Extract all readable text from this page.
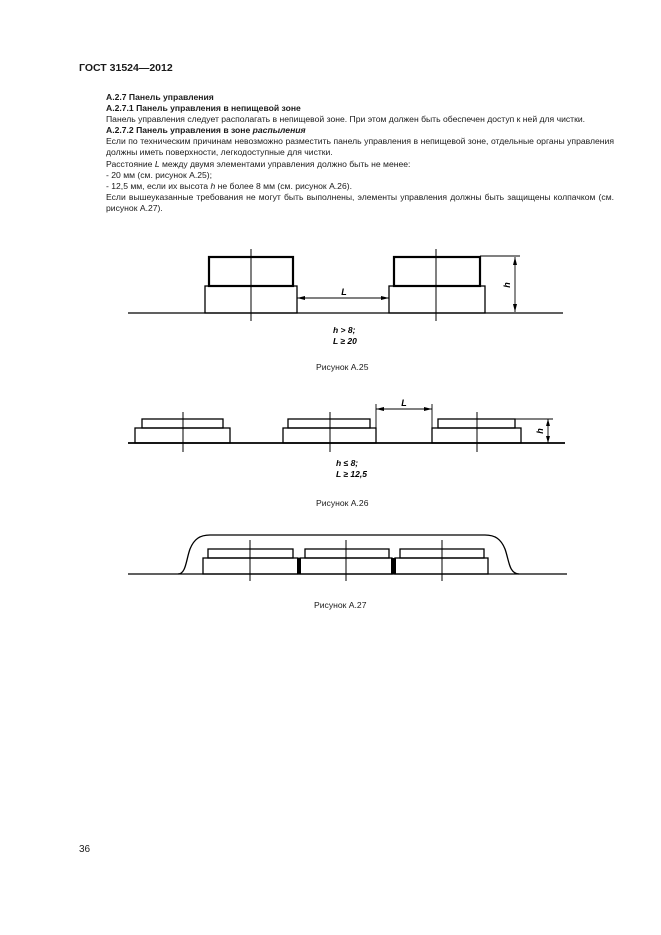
ГОСТ 31524—2012

А.2.7 Панель управления

А.2.7.1 Панель управления в непищевой зоне

Панель управления следует располагать в непищевой зоне. При этом должен быть обеспечен доступ к ней для чистки.

А.2.7.2 Панель управления в зоне распыления

Если по техническим причинам невозможно разместить панель управления в непищевой зоне, отдельные органы управления должны иметь поверхности, легкодоступные для чистки.

Расстояние L между двумя элементами управления должно быть не менее:

- 20 мм (см. рисунок А.25);

- 12,5 мм, если их высота h не более 8 мм (см. рисунок А.26).

Если вышеуказанные требования не могут быть выполнены, элементы управления должны быть защищены колпачком (см. рисунок А.27).

L
h
h > 8;
L ≥ 20
Рисунок А.25
L
h
h ≤ 8;
L ≥ 12,5
Рисунок А.26
Рисунок А.27
36
